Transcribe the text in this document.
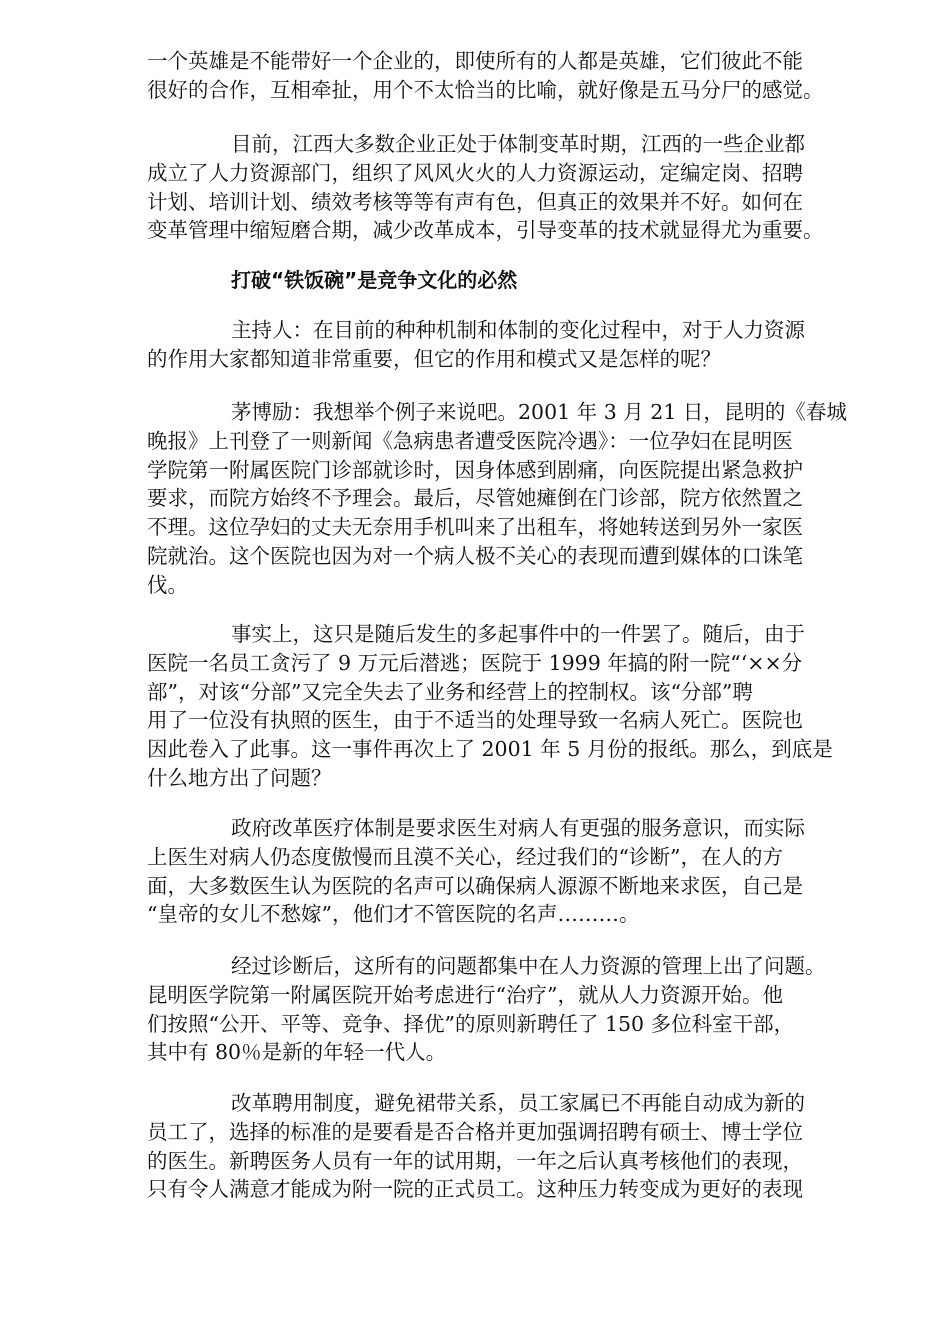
一个英雄是不能带好一个企业的，即使所有的人都是英雄，它们彼此不能
很好的合作，互相牵扯，用个不太恰当的比喻，就好像是五马分尸的感觉。
目前，江西大多数企业正处于体制变革时期，江西的一些企业都
成立了人力资源部门，组织了风风火火的人力资源运动，定编定岗、招聘
计划、培训计划、绩效考核等等有声有色，但真正的效果并不好。如何在
变革管理中缩短磨合期，减少改革成本，引导变革的技术就显得尤为重要。
打破“铁饭碗”是竞争文化的必然
主持人：在目前的种种机制和体制的变化过程中，对于人力资源
的作用大家都知道非常重要，但它的作用和模式又是怎样的呢？
茅博励：我想举个例子来说吧。2001 年 3 月 21 日，昆明的《春城
晚报》上刊登了一则新闻《急病患者遭受医院冷遇》：一位孕妇在昆明医
学院第一附属医院门诊部就诊时，因身体感到剧痛，向医院提出紧急救护
要求，而院方始终不予理会。最后，尽管她瘫倒在门诊部，院方依然置之
不理。这位孕妇的丈夫无奈用手机叫来了出租车，将她转送到另外一家医
院就治。这个医院也因为对一个病人极不关心的表现而遭到媒体的口诛笔
伐。
事实上，这只是随后发生的多起事件中的一件罢了。随后，由于
医院一名员工贪污了 9 万元后潜逃；医院于 1999 年搞的附一院“‘××分
部”，对该“分部”又完全失去了业务和经营上的控制权。该“分部”聘
用了一位没有执照的医生，由于不适当的处理导致一名病人死亡。医院也
因此卷入了此事。这一事件再次上了 2001 年 5 月份的报纸。那么，到底是
什么地方出了问题？
政府改革医疗体制是要求医生对病人有更强的服务意识，而实际
上医生对病人仍态度傲慢而且漠不关心，经过我们的“诊断”，在人的方
面，大多数医生认为医院的名声可以确保病人源源不断地来求医，自己是
“皇帝的女儿不愁嫁”，他们才不管医院的名声………。
经过诊断后，这所有的问题都集中在人力资源的管理上出了问题。
昆明医学院第一附属医院开始考虑进行“治疗”，就从人力资源开始。他
们按照“公开、平等、竞争、择优”的原则新聘任了 150 多位科室干部，
其中有 80％是新的年轻一代人。
改革聘用制度，避免裙带关系，员工家属已不再能自动成为新的
员工了，选择的标准的是要看是否合格并更加强调招聘有硕士、博士学位
的医生。新聘医务人员有一年的试用期，一年之后认真考核他们的表现，
只有令人满意才能成为附一院的正式员工。这种压力转变成为更好的表现
